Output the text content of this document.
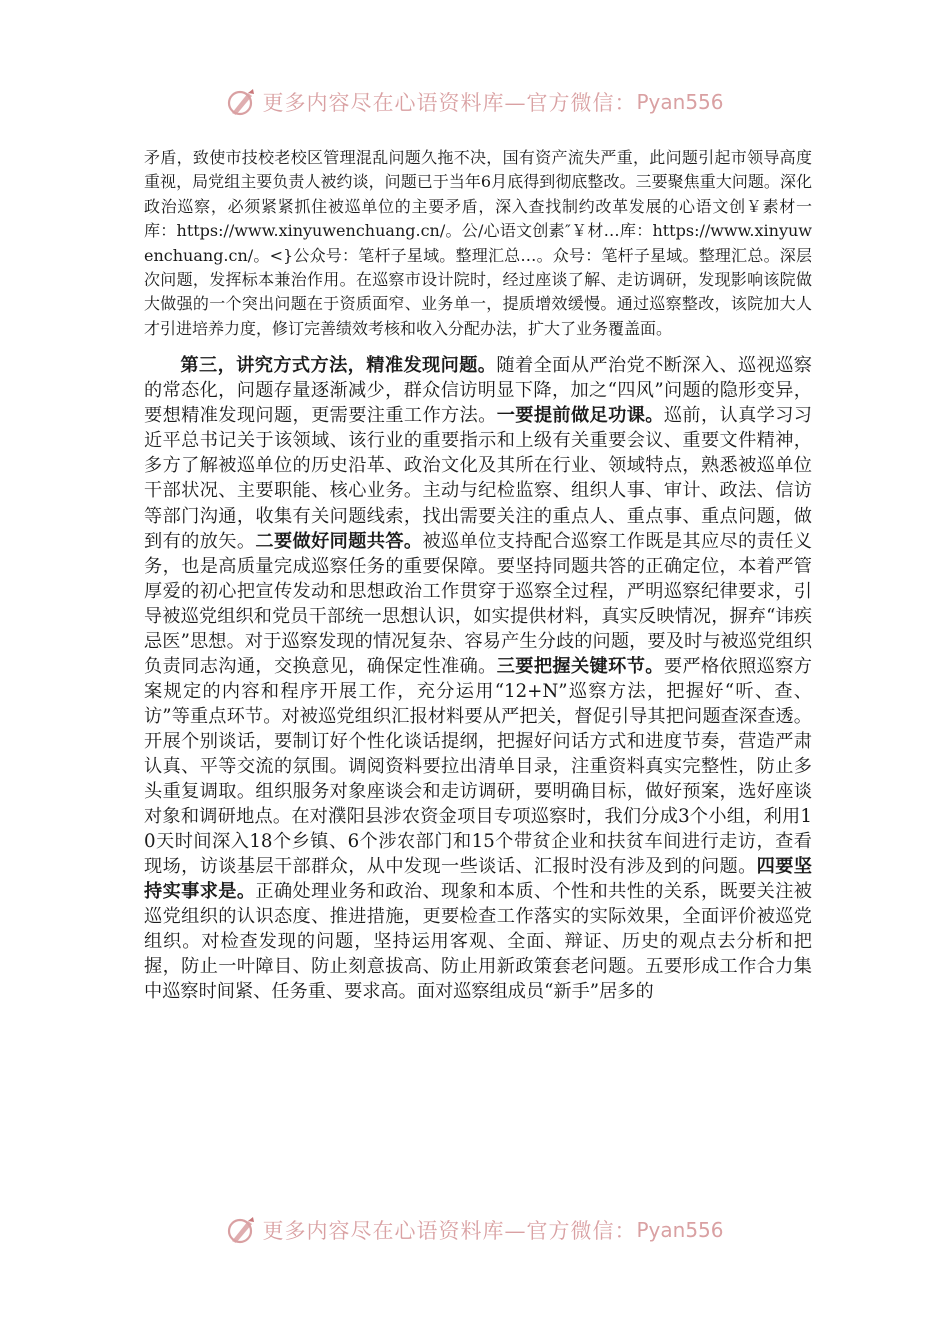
更多内容尽在心语资料库—官方微信： Pyan556

矛盾，致使市技校老校区管理混乱问题久拖不决，国有资产流失严重，此问题引起市领导高度重视，局党组主要负责人被约谈，问题已于当年6月底得到彻底整改。三要聚焦重大问题。深化政治巡察，必须紧紧抓住被巡单位的主要矛盾，深入查找制约改革发展的心语文创￥素材一库：https://www.xinyuwenchuang.cn/。公/心语文创素″￥材…库：https://www.xinyuwenchuang.cn/。<}公众号：笔杆子星域。整理汇总…。众号：笔杆子星域。整理汇总。深层次问题，发挥标本兼治作用。在巡察市设计院时，经过座谈了解、走访调研，发现影响该院做大做强的一个突出问题在于资质面窄、业务单一，提质增效缓慢。通过巡察整改，该院加大人才引进培养力度，修订完善绩效考核和收入分配办法，扩大了业务覆盖面。

第三，讲究方式方法，精准发现问题。随着全面从严治党不断深入、巡视巡察的常态化，问题存量逐渐减少，群众信访明显下降，加之“四风”问题的隐形变异，要想精准发现问题，更需要注重工作方法。一要提前做足功课。巡前，认真学习习近平总书记关于该领域、该行业的重要指示和上级有关重要会议、重要文件精神，多方了解被巡单位的历史沿革、政治文化及其所在行业、领域特点，熟悉被巡单位干部状况、主要职能、核心业务。主动与纪检监察、组织人事、审计、政法、信访等部门沟通，收集有关问题线索，找出需要关注的重点人、重点事、重点问题，做到有的放矢。二要做好同题共答。被巡单位支持配合巡察工作既是其应尽的责任义务，也是高质量完成巡察任务的重要保障。要坚持同题共答的正确定位，本着严管厚爱的初心把宣传发动和思想政治工作贯穿于巡察全过程，严明巡察纪律要求，引导被巡党组织和党员干部统一思想认识，如实提供材料，真实反映情况，摒弃“讳疾忌医”思想。对于巡察发现的情况复杂、容易产生分歧的问题，要及时与被巡党组织负责同志沟通，交换意见，确保定性准确。三要把握关键环节。要严格依照巡察方案规定的内容和程序开展工作，充分运用“12+N”巡察方法，把握好“听、查、访”等重点环节。对被巡党组织汇报材料要从严把关，督促引导其把问题查深查透。开展个别谈话，要制订好个性化谈话提纲，把握好问话方式和进度节奏，营造严肃认真、平等交流的氛围。调阅资料要拉出清单目录，注重资料真实完整性，防止多头重复调取。组织服务对象座谈会和走访调研，要明确目标，做好预案，选好座谈对象和调研地点。在对濮阳县涉农资金项目专项巡察时，我们分成3个小组，利用10天时间深入18个乡镇、6个涉农部门和15个带贫企业和扶贫车间进行走访，查看现场，访谈基层干部群众，从中发现一些谈话、汇报时没有涉及到的问题。四要坚持实事求是。正确处理业务和政治、现象和本质、个性和共性的关系，既要关注被巡党组织的认识态度、推进措施，更要检查工作落实的实际效果，全面评价被巡党组织。对检查发现的问题，坚持运用客观、全面、辩证、历史的观点去分析和把握，防止一叶障目、防止刻意拔高、防止用新政策套老问题。五要形成工作合力集中巡察时间紧、任务重、要求高。面对巡察组成员“新手”居多的

更多内容尽在心语资料库—官方微信： Pyan556
